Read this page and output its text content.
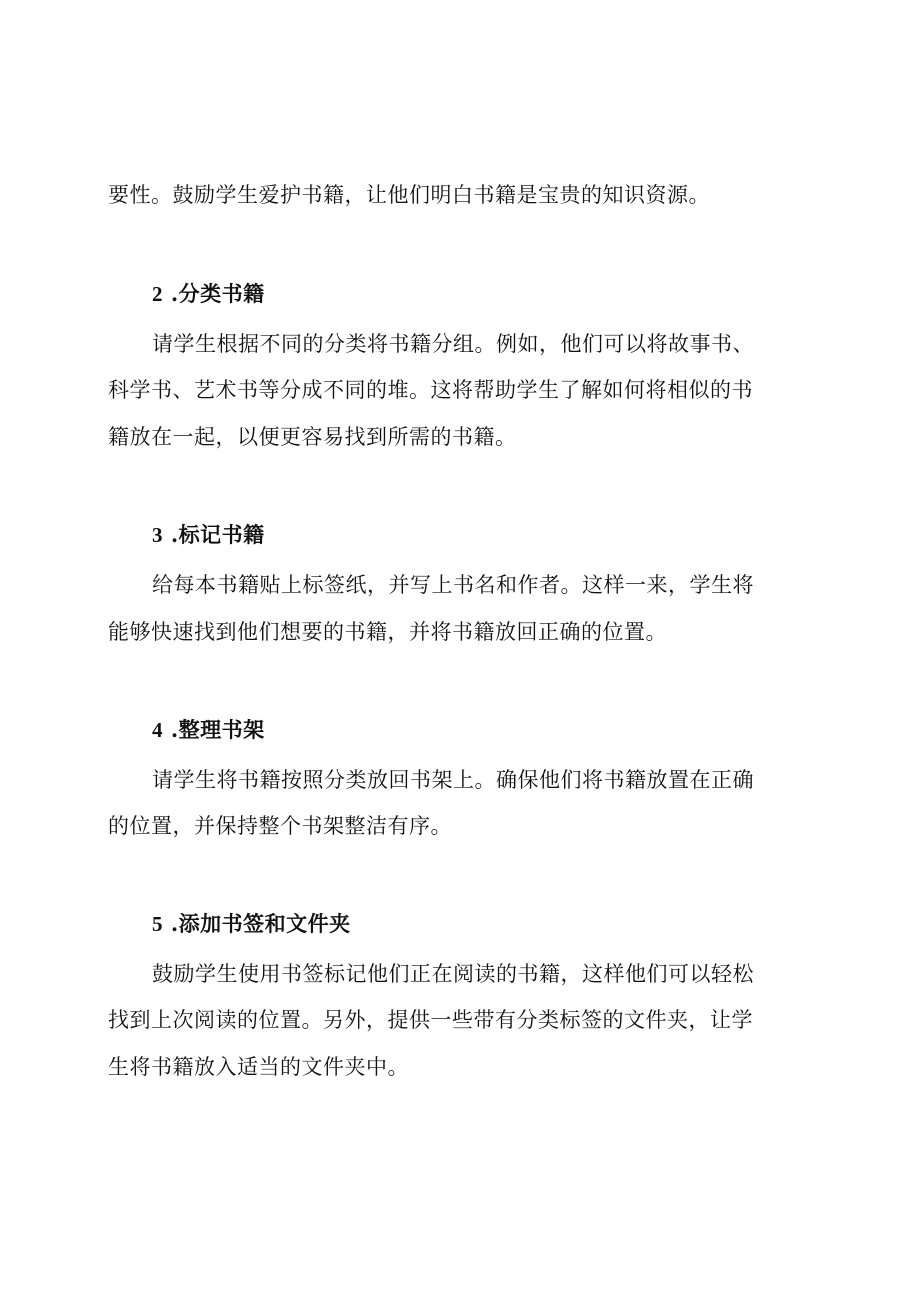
要性。鼓励学生爱护书籍，让他们明白书籍是宝贵的知识资源。
2 .分类书籍
请学生根据不同的分类将书籍分组。例如，他们可以将故事书、
科学书、艺术书等分成不同的堆。这将帮助学生了解如何将相似的书
籍放在一起，以便更容易找到所需的书籍。
3 .标记书籍
给每本书籍贴上标签纸，并写上书名和作者。这样一来，学生将
能够快速找到他们想要的书籍，并将书籍放回正确的位置。
4 .整理书架
请学生将书籍按照分类放回书架上。确保他们将书籍放置在正确
的位置，并保持整个书架整洁有序。
5 .添加书签和文件夹
鼓励学生使用书签标记他们正在阅读的书籍，这样他们可以轻松
找到上次阅读的位置。另外，提供一些带有分类标签的文件夹，让学
生将书籍放入适当的文件夹中。
